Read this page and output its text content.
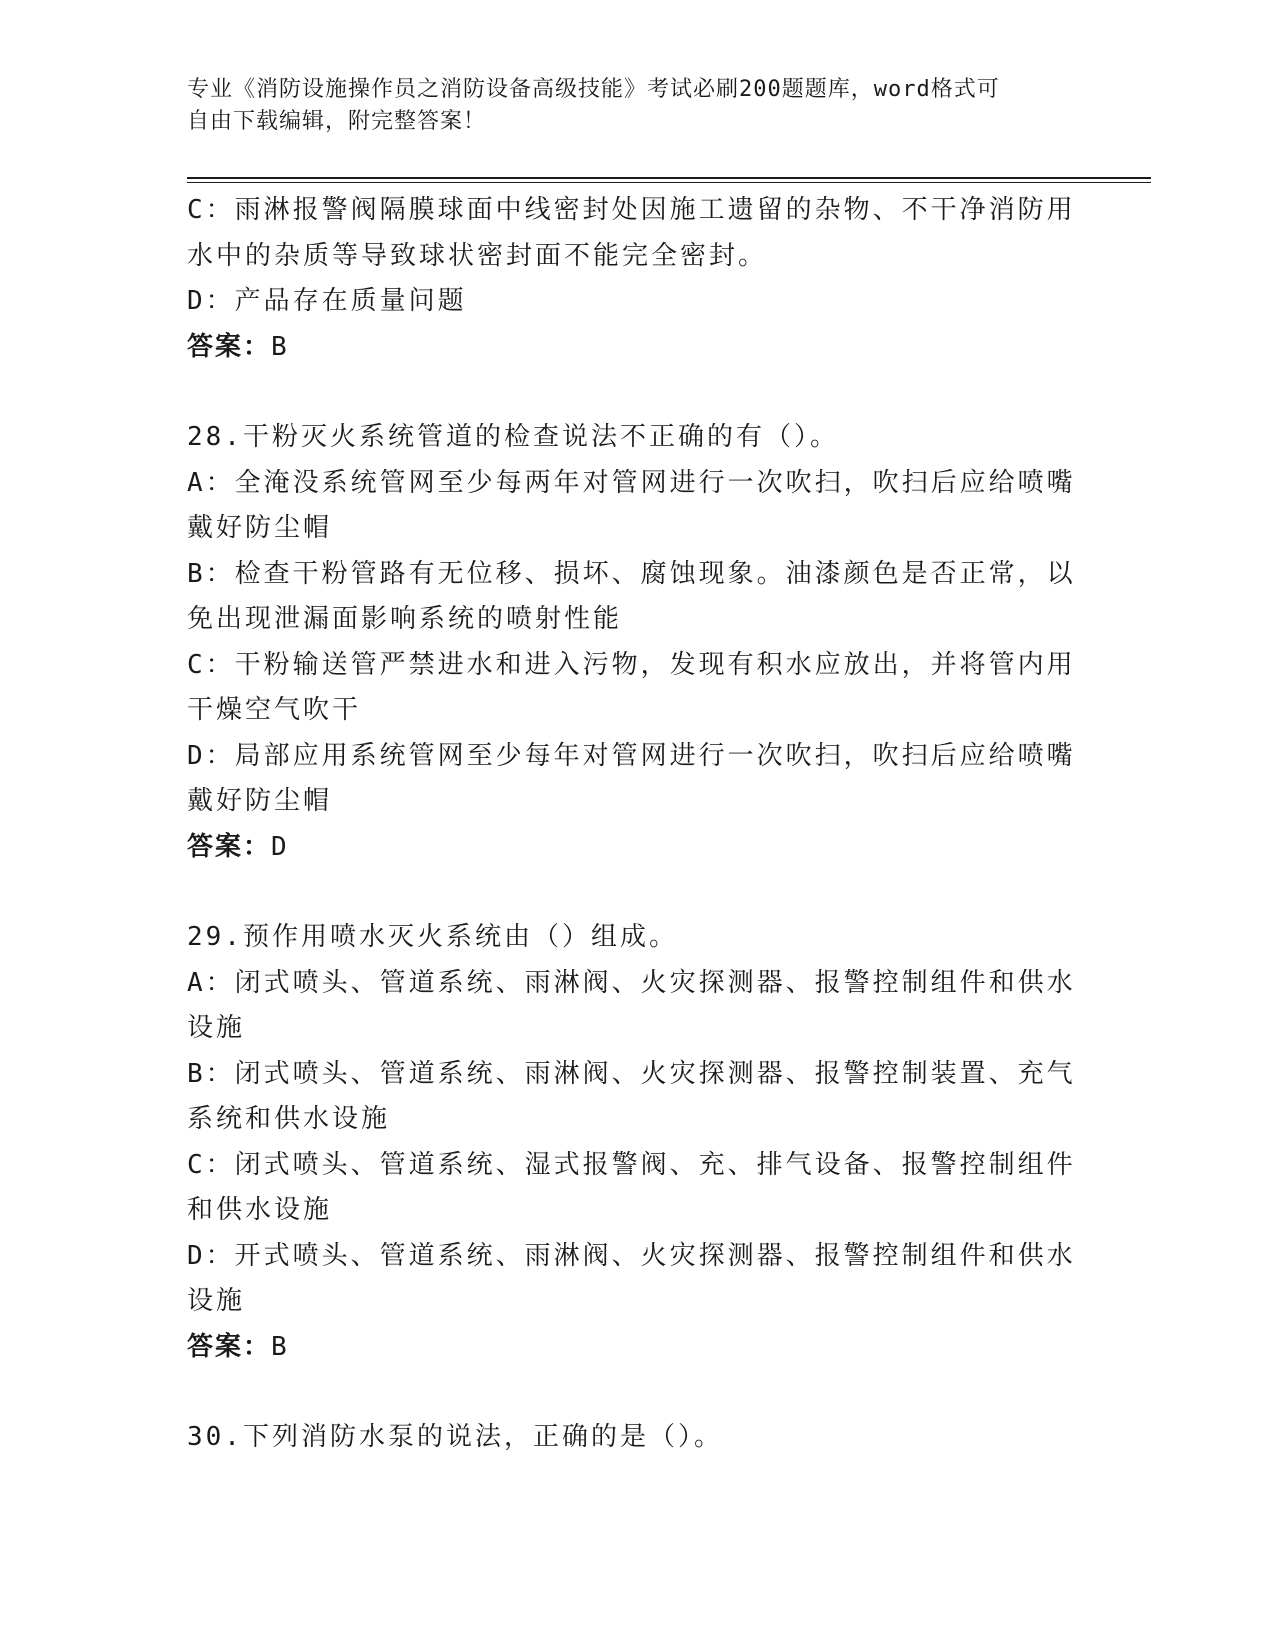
专业《消防设施操作员之消防设备高级技能》考试必刷200题题库，word格式可
自由下载编辑，附完整答案！

C：雨淋报警阀隔膜球面中线密封处因施工遗留的杂物、不干净消防用

水中的杂质等导致球状密封面不能完全密封。

D：产品存在质量问题

答案：B

28.干粉灭火系统管道的检查说法不正确的有（）。

A：全淹没系统管网至少每两年对管网进行一次吹扫，吹扫后应给喷嘴

戴好防尘帽

B：检查干粉管路有无位移、损坏、腐蚀现象。油漆颜色是否正常，以

免出现泄漏面影响系统的喷射性能

C：干粉输送管严禁进水和进入污物，发现有积水应放出，并将管内用

干燥空气吹干

D：局部应用系统管网至少每年对管网进行一次吹扫，吹扫后应给喷嘴

戴好防尘帽

答案：D

29.预作用喷水灭火系统由（）组成。

A：闭式喷头、管道系统、雨淋阀、火灾探测器、报警控制组件和供水

设施

B：闭式喷头、管道系统、雨淋阀、火灾探测器、报警控制装置、充气

系统和供水设施

C：闭式喷头、管道系统、湿式报警阀、充、排气设备、报警控制组件

和供水设施

D：开式喷头、管道系统、雨淋阀、火灾探测器、报警控制组件和供水

设施

答案：B

30.下列消防水泵的说法，正确的是（）。
